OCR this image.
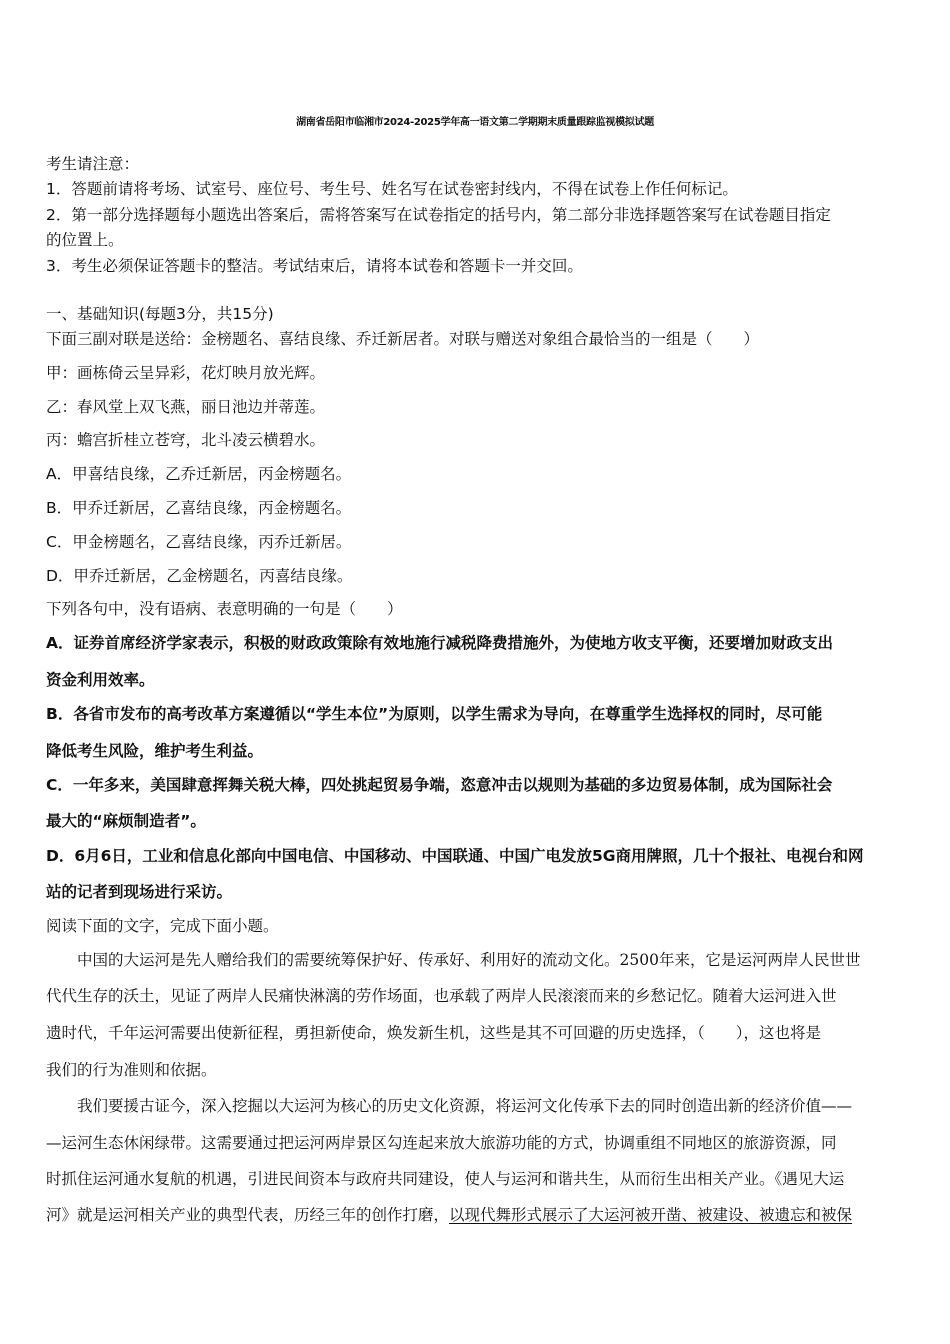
湖南省岳阳市临湘市2024-2025学年高一语文第二学期期末质量跟踪监视模拟试题
考生请注意：
1．答题前请将考场、试室号、座位号、考生号、姓名写在试卷密封线内，不得在试卷上作任何标记。
2．第一部分选择题每小题选出答案后，需将答案写在试卷指定的括号内，第二部分非选择题答案写在试卷题目指定
的位置上。
3．考生必须保证答题卡的整洁。考试结束后，请将本试卷和答题卡一并交回。
一、基础知识(每题3分，共15分)
下面三副对联是送给：金榜题名、喜结良缘、乔迁新居者。对联与赠送对象组合最恰当的一组是（　　）
甲：画栋倚云呈异彩，花灯映月放光辉。
乙：春风堂上双飞燕，丽日池边并蒂莲。
丙：蟾宫折桂立苍穹，北斗凌云横碧水。
A．甲喜结良缘，乙乔迁新居，丙金榜题名。
B．甲乔迁新居，乙喜结良缘，丙金榜题名。
C．甲金榜题名，乙喜结良缘，丙乔迁新居。
D．甲乔迁新居，乙金榜题名，丙喜结良缘。
下列各句中，没有语病、表意明确的一句是（　　）
A．证券首席经济学家表示，积极的财政政策除有效地施行减税降费措施外，为使地方收支平衡，还要增加财政支出
资金利用效率。
B．各省市发布的高考改革方案遵循以“学生本位”为原则，以学生需求为导向，在尊重学生选择权的同时，尽可能
降低考生风险，维护考生利益。
C．一年多来，美国肆意挥舞关税大棒，四处挑起贸易争端，恣意冲击以规则为基础的多边贸易体制，成为国际社会
最大的“麻烦制造者”。
D．6月6日，工业和信息化部向中国电信、中国移动、中国联通、中国广电发放5G商用牌照，几十个报社、电视台和网
站的记者到现场进行采访。
阅读下面的文字，完成下面小题。
　　中国的大运河是先人赠给我们的需要统筹保护好、传承好、利用好的流动文化。2500年来，它是运河两岸人民世世
代代生存的沃土，见证了两岸人民痛快淋漓的劳作场面，也承载了两岸人民滚滚而来的乡愁记忆。随着大运河进入世
遗时代，千年运河需要出使新征程，勇担新使命，焕发新生机，这些是其不可回避的历史选择，（　　），这也将是
我们的行为准则和依据。
　　我们要援古证今，深入挖掘以大运河为核心的历史文化资源，将运河文化传承下去的同时创造出新的经济价值——
—运河生态休闲绿带。这需要通过把运河两岸景区勾连起来放大旅游功能的方式，协调重组不同地区的旅游资源，同
时抓住运河通水复航的机遇，引进民间资本与政府共同建设，使人与运河和谐共生，从而衍生出相关产业。《遇见大运
河》就是运河相关产业的典型代表，历经三年的创作打磨，以现代舞形式展示了大运河被开凿、被建设、被遗忘和被保
